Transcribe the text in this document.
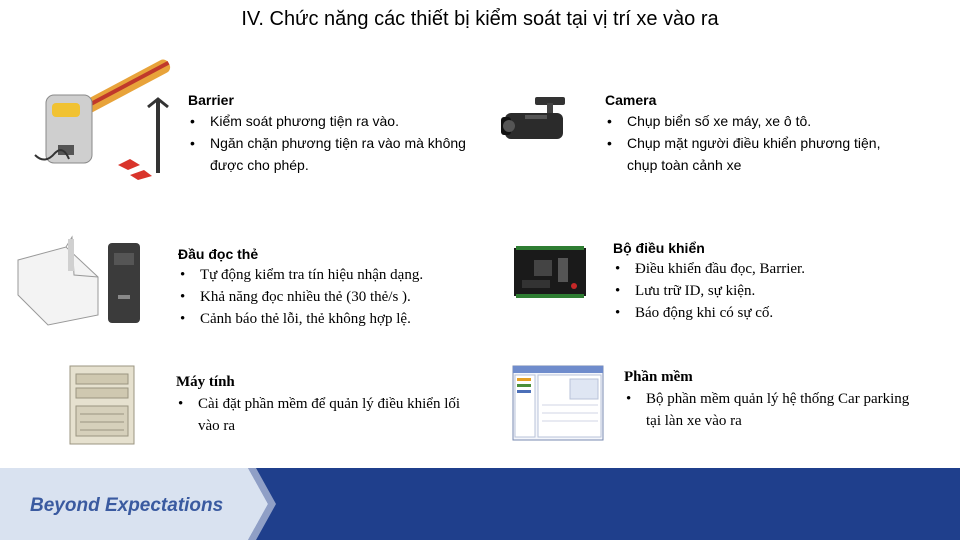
IV. Chức năng các thiết bị kiểm soát tại vị trí xe vào ra
Barrier
• Kiểm soát phương tiện ra vào.
• Ngăn chặn phương tiện ra vào mà không được cho phép.
Camera
• Chụp biển số xe máy, xe ô tô.
• Chụp mặt người điều khiển phương tiện, chụp toàn cảnh xe
Đầu đọc thẻ
• Tự động kiểm tra tín hiệu nhận dạng.
• Khả năng đọc nhiều thẻ (30 thẻ/s ).
• Cảnh báo thẻ lỗi, thẻ không hợp lệ.
Bộ điều khiển
• Điều khiển đầu đọc, Barrier.
• Lưu trữ ID, sự kiện.
• Báo động khi có sự cố.
Máy tính
• Cài đặt phần mềm để quản lý điều khiển lối vào ra
Phần mềm
• Bộ phần mềm quản lý hệ thống Car parking tại làn xe vào ra
Beyond Expectations
